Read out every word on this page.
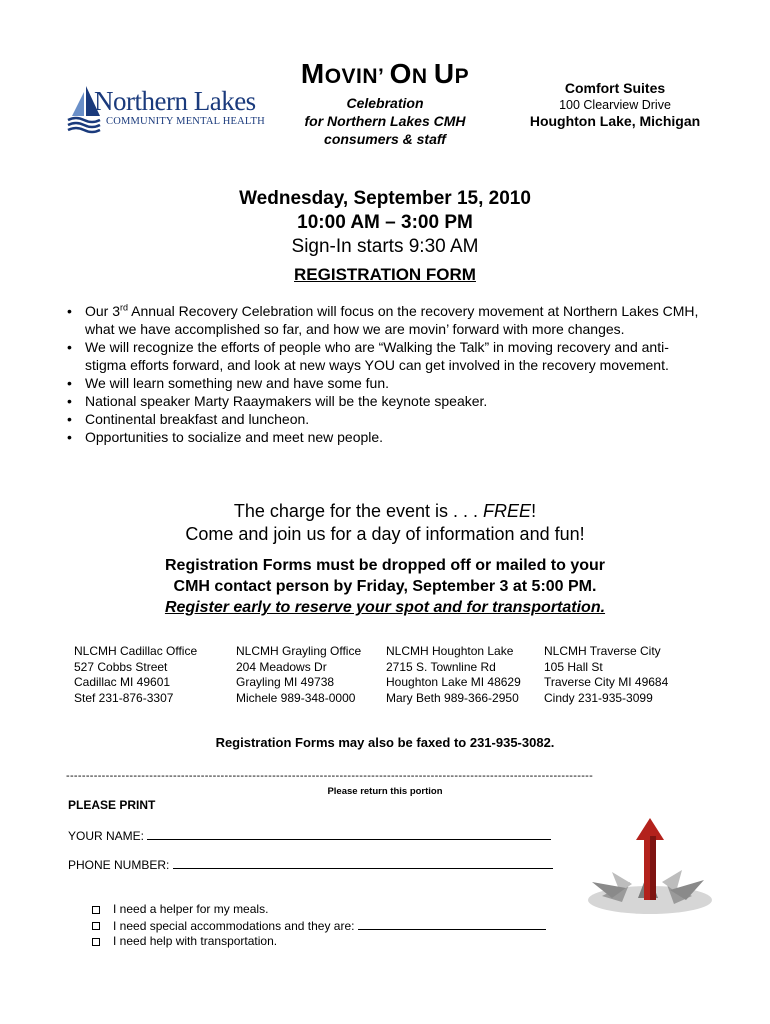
Northern Lakes
COMMUNITY MENTAL HEALTH
MOVIN’ ON UP
Celebration
for Northern Lakes CMH
consumers & staff
Comfort Suites
100 Clearview Drive
Houghton Lake, Michigan
Wednesday, September 15, 2010
10:00 AM – 3:00 PM
Sign-In starts 9:30 AM
REGISTRATION FORM
• Our 3rd Annual Recovery Celebration will focus on the recovery movement at Northern Lakes CMH, what we have accomplished so far, and how we are movin’ forward with more changes.
• We will recognize the efforts of people who are “Walking the Talk” in moving recovery and anti-stigma efforts forward, and look at new ways YOU can get involved in the recovery movement.
• We will learn something new and have some fun.
• National speaker Marty Raaymakers will be the keynote speaker.
• Continental breakfast and luncheon.
• Opportunities to socialize and meet new people.
The charge for the event is . . . FREE!
Come and join us for a day of information and fun!
Registration Forms must be dropped off or mailed to your
CMH contact person by Friday, September 3 at 5:00 PM.
Register early to reserve your spot and for transportation.
NLCMH Cadillac Office
527 Cobbs Street
Cadillac MI 49601
Stef 231-876-3307
NLCMH Grayling Office
204 Meadows Dr
Grayling MI 49738
Michele 989-348-0000
NLCMH Houghton Lake
2715 S. Townline Rd
Houghton Lake MI 48629
Mary Beth 989-366-2950
NLCMH Traverse City
105 Hall St
Traverse City MI 49684
Cindy 231-935-3099
Registration Forms may also be faxed to 231-935-3082.
-------------------------------------------------------------------------------------------------------------------------------------
Please return this portion
PLEASE PRINT
YOUR NAME:
PHONE NUMBER:
I need a helper for my meals.
I need special accommodations and they are:
I need help with transportation.
